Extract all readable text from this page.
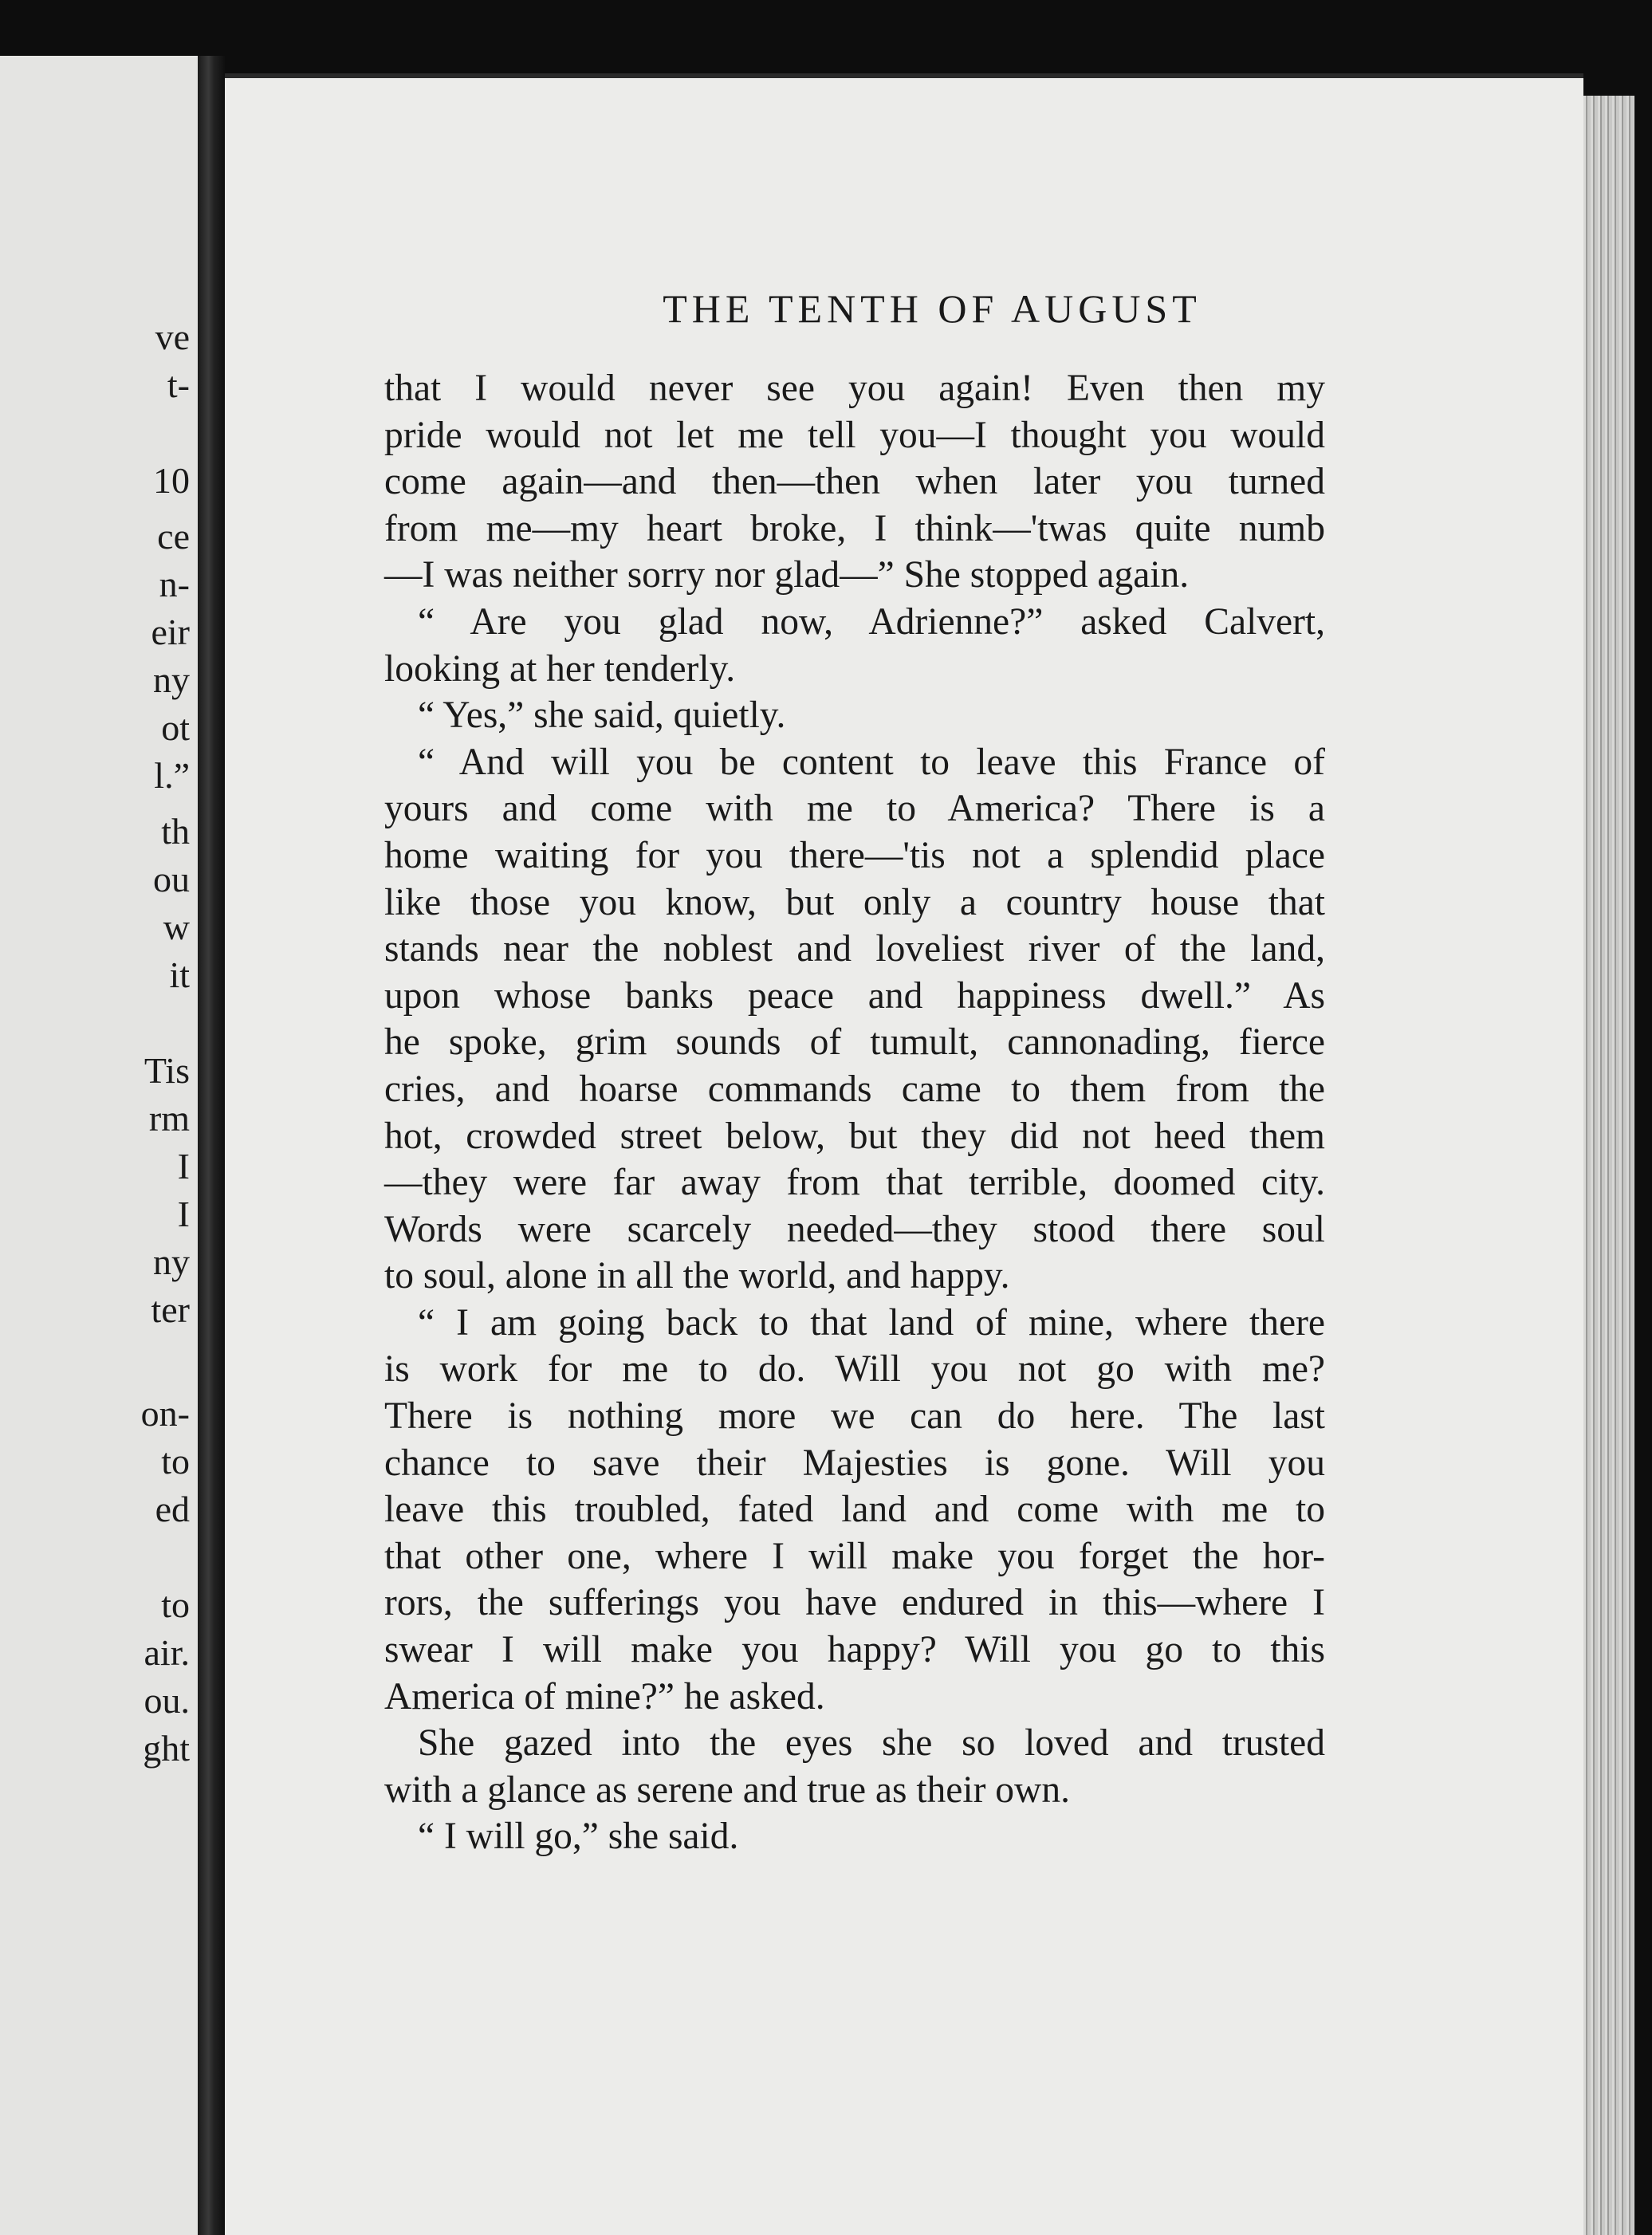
ve
t-
10
ce
n-
eir
ny
ot
l.”
th
ou
w
it
Tis
rm
I
I
ny
ter
on-
to
ed
to
air.
ou.
ght
THE TENTH OF AUGUST
that I would never see you again! Even then my
pride would not let me tell you—I thought you would
come again—and then—then when later you turned
from me—my heart broke, I think—'twas quite numb
—I was neither sorry nor glad—” She stopped again.
“ Are you glad now, Adrienne?” asked Calvert,
looking at her tenderly.
“ Yes,” she said, quietly.
“ And will you be content to leave this France of
yours and come with me to America? There is a
home waiting for you there—'tis not a splendid place
like those you know, but only a country house that
stands near the noblest and loveliest river of the land,
upon whose banks peace and happiness dwell.” As
he spoke, grim sounds of tumult, cannonading, fierce
cries, and hoarse commands came to them from the
hot, crowded street below, but they did not heed them
—they were far away from that terrible, doomed city.
Words were scarcely needed—they stood there soul
to soul, alone in all the world, and happy.
“ I am going back to that land of mine, where there
is work for me to do. Will you not go with me?
There is nothing more we can do here. The last
chance to save their Majesties is gone. Will you
leave this troubled, fated land and come with me to
that other one, where I will make you forget the hor-
rors, the sufferings you have endured in this—where I
swear I will make you happy? Will you go to this
America of mine?” he asked.
She gazed into the eyes she so loved and trusted
with a glance as serene and true as their own.
“ I will go,” she said.
